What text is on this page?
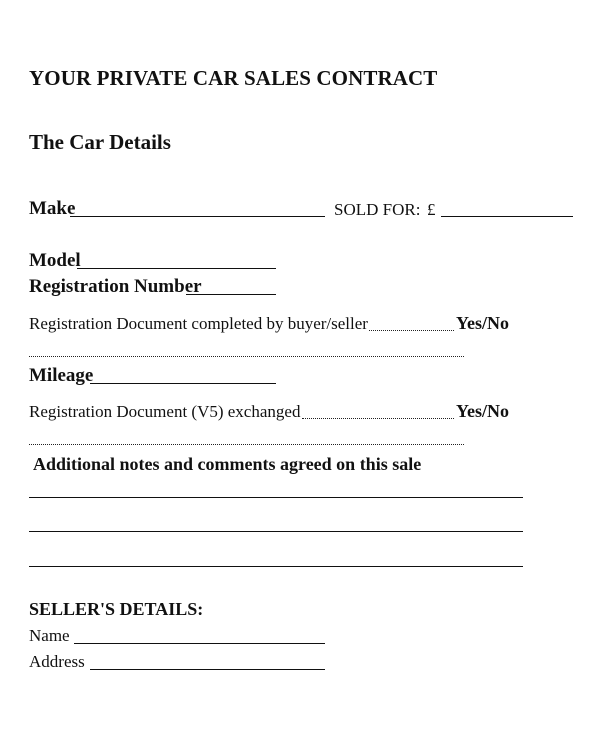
YOUR PRIVATE CAR SALES CONTRACT
The Car Details
Make	SOLD FOR: £
Model
Registration Number
Registration Document completed by buyer/seller	Yes/No
Mileage
Registration Document (V5) exchanged	Yes/No
Additional notes and comments agreed on this sale
SELLER'S DETAILS:
Name
Address
